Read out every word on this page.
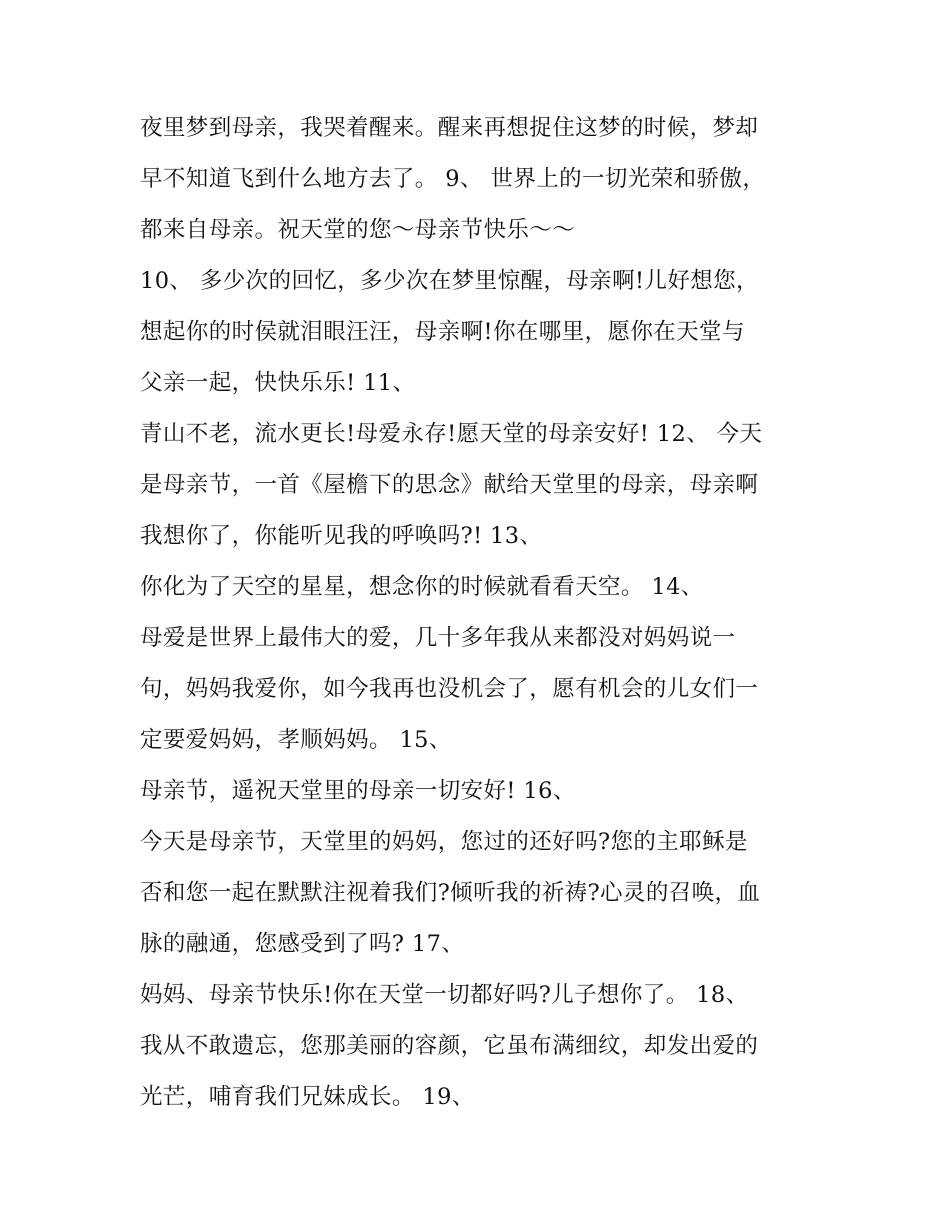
夜里梦到母亲，我哭着醒来。醒来再想捉住这梦的时候，梦却
早不知道飞到什么地方去了。 9、 世界上的一切光荣和骄傲，
都来自母亲。祝天堂的您～母亲节快乐～～
10、 多少次的回忆，多少次在梦里惊醒，母亲啊!儿好想您，
想起你的时侯就泪眼汪汪，母亲啊!你在哪里，愿你在天堂与
父亲一起，快快乐乐! 11、
青山不老，流水更长!母爱永存!愿天堂的母亲安好! 12、 今天
是母亲节，一首《屋檐下的思念》献给天堂里的母亲，母亲啊
我想你了，你能听见我的呼唤吗?! 13、
你化为了天空的星星，想念你的时候就看看天空。 14、
母爱是世界上最伟大的爱，几十多年我从来都没对妈妈说一
句，妈妈我爱你，如今我再也没机会了，愿有机会的儿女们一
定要爱妈妈，孝顺妈妈。 15、
母亲节，遥祝天堂里的母亲一切安好! 16、
今天是母亲节，天堂里的妈妈，您过的还好吗?您的主耶稣是
否和您一起在默默注视着我们?倾听我的祈祷?心灵的召唤，血
脉的融通，您感受到了吗? 17、
妈妈、母亲节快乐!你在天堂一切都好吗?儿子想你了。 18、
我从不敢遗忘，您那美丽的容颜，它虽布满细纹，却发出爱的
光芒，哺育我们兄妹成长。 19、
